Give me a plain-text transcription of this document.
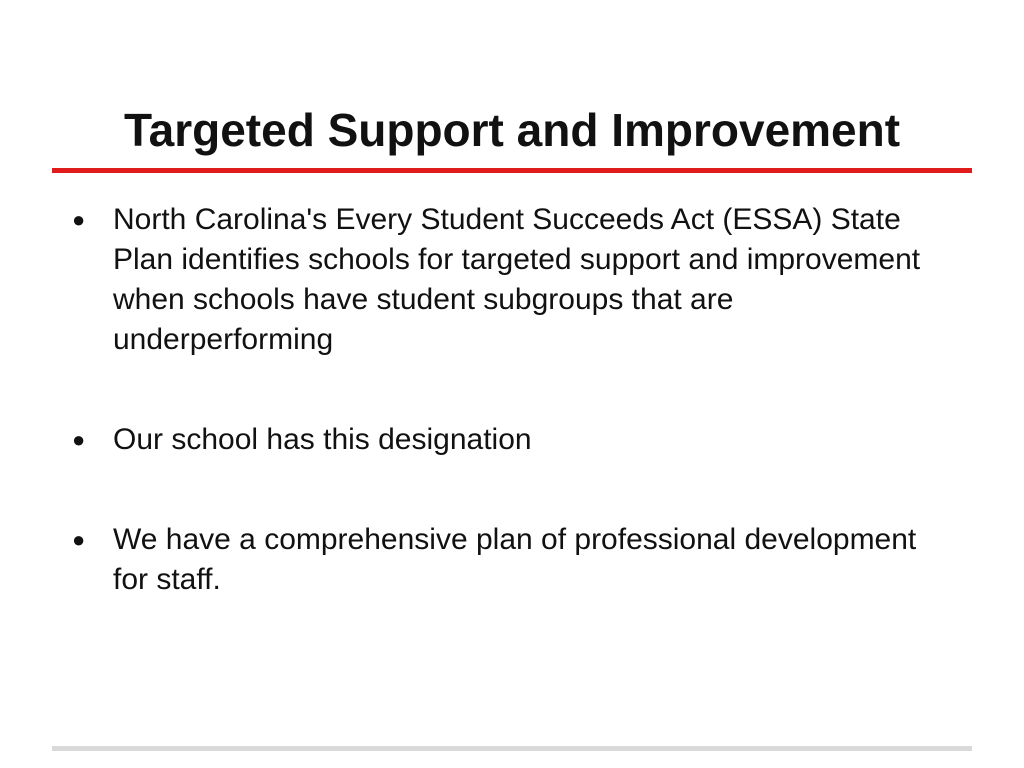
Targeted Support and Improvement
● North Carolina's Every Student Succeeds Act (ESSA) State Plan identifies schools for targeted support and improvement when schools have student subgroups that are underperforming
● Our school has this designation
● We have a comprehensive plan of professional development for staff.
